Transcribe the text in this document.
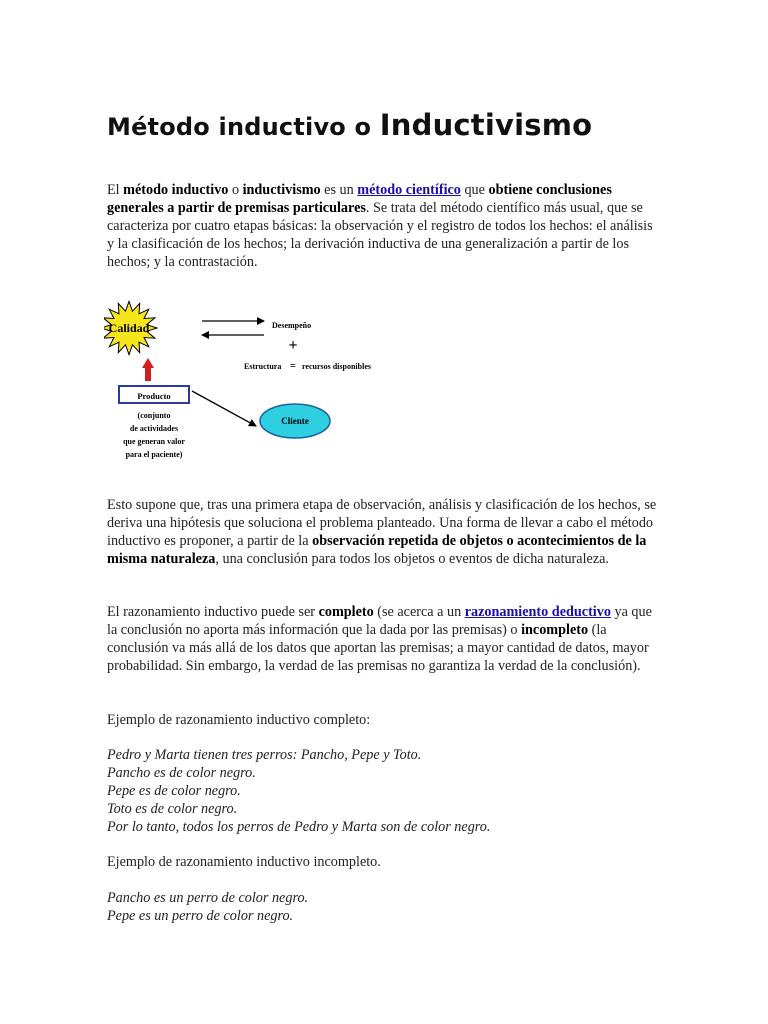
Método inductivo o Inductivismo

El método inductivo o inductivismo es un método científico que obtiene conclusiones generales a partir de premisas particulares. Se trata del método científico más usual, que se caracteriza por cuatro etapas básicas: la observación y el registro de todos los hechos: el análisis y la clasificación de los hechos; la derivación inductiva de una generalización a partir de los hechos; y la contrastación.

Calidad	Desempeño
+
Estructura = recursos disponibles
Producto
(conjunto
de actividades
que generan valor
para el paciente)
Cliente

Esto supone que, tras una primera etapa de observación, análisis y clasificación de los hechos, se deriva una hipótesis que soluciona el problema planteado. Una forma de llevar a cabo el método inductivo es proponer, a partir de la observación repetida de objetos o acontecimientos de la misma naturaleza, una conclusión para todos los objetos o eventos de dicha naturaleza.

El razonamiento inductivo puede ser completo (se acerca a un razonamiento deductivo ya que la conclusión no aporta más información que la dada por las premisas) o incompleto (la conclusión va más allá de los datos que aportan las premisas; a mayor cantidad de datos, mayor probabilidad. Sin embargo, la verdad de las premisas no garantiza la verdad de la conclusión).

Ejemplo de razonamiento inductivo completo:

Pedro y Marta tienen tres perros: Pancho, Pepe y Toto.
Pancho es de color negro.
Pepe es de color negro.
Toto es de color negro.
Por lo tanto, todos los perros de Pedro y Marta son de color negro.

Ejemplo de razonamiento inductivo incompleto.

Pancho es un perro de color negro.
Pepe es un perro de color negro.
